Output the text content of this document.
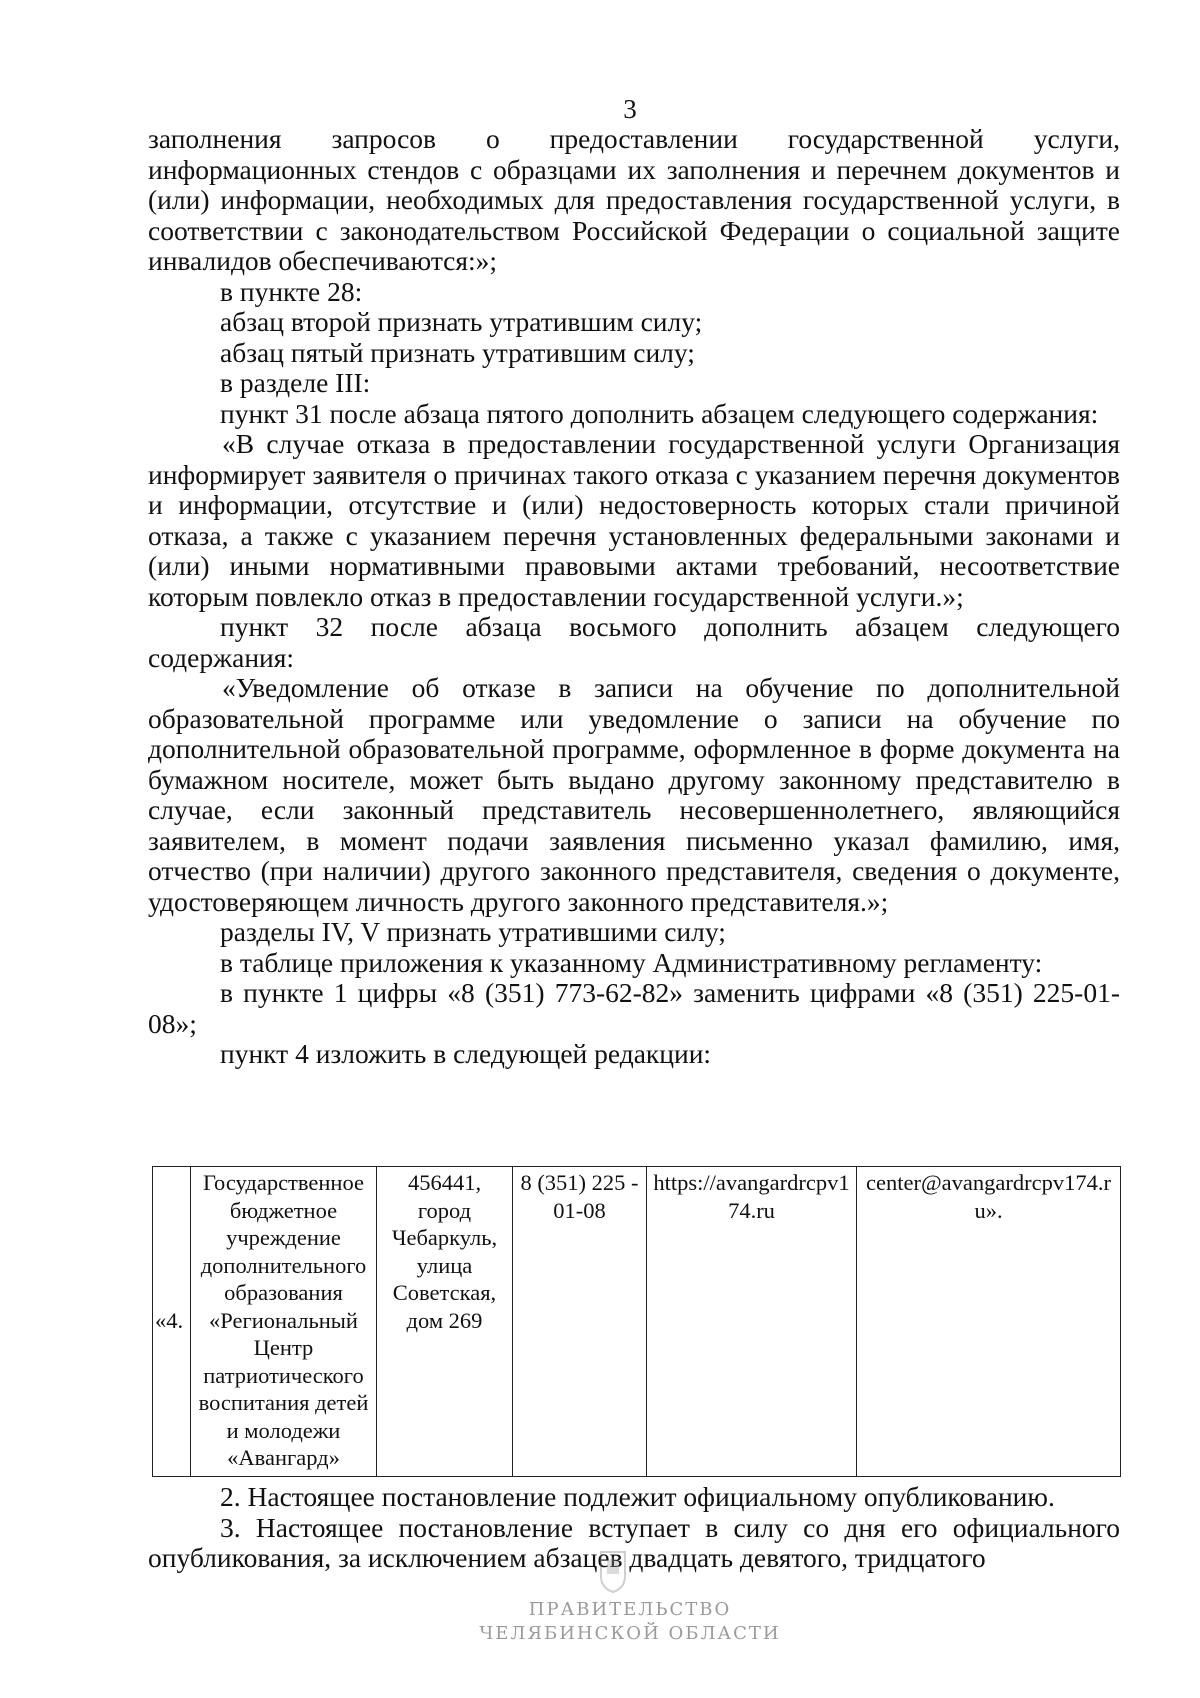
3

заполнения запросов о предоставлении государственной услуги, информационных стендов с образцами их заполнения и перечнем документов и (или) информации, необходимых для предоставления государственной услуги, в соответствии с законодательством Российской Федерации о социальной защите инвалидов обеспечиваются:»;

в пункте 28:

абзац второй признать утратившим силу;

абзац пятый признать утратившим силу;

в разделе III:

пункт 31 после абзаца пятого дополнить абзацем следующего содержания:

«В случае отказа в предоставлении государственной услуги Организация информирует заявителя о причинах такого отказа с указанием перечня документов и информации, отсутствие и (или) недостоверность которых стали причиной отказа, а также с указанием перечня установленных федеральными законами и (или) иными нормативными правовыми актами требований, несоответствие которым повлекло отказ в предоставлении государственной услуги.»;

пункт 32 после абзаца восьмого дополнить абзацем следующего содержания:

«Уведомление об отказе в записи на обучение по дополнительной образовательной программе или уведомление о записи на обучение по дополнительной образовательной программе, оформленное в форме документа на бумажном носителе, может быть выдано другому законному представителю в случае, если законный представитель несовершеннолетнего, являющийся заявителем, в момент подачи заявления письменно указал фамилию, имя, отчество (при наличии) другого законного представителя, сведения о документе, удостоверяющем личность другого законного представителя.»;

разделы IV, V признать утратившими силу;

в таблице приложения к указанному Административному регламенту:

в пункте 1 цифры «8 (351) 773-62-82» заменить цифрами «8 (351) 225-01-08»;

пункт 4 изложить в следующей редакции:

«4.	Государственное бюджетное учреждение дополнительного образования «Региональный Центр патриотического воспитания детей и молодежи «Авангард»	456441, город Чебаркуль, улица Советская, дом 269	8 (351) 225 - 01-08	https://avangardrcpv174.ru	center@avangardrcpv174.ru».

2. Настоящее постановление подлежит официальному опубликованию.

3. Настоящее постановление вступает в силу со дня его официального опубликования, за исключением абзацев двадцать девятого, тридцатого

ПРАВИТЕЛЬСТВО
ЧЕЛЯБИНСКОЙ ОБЛАСТИ
